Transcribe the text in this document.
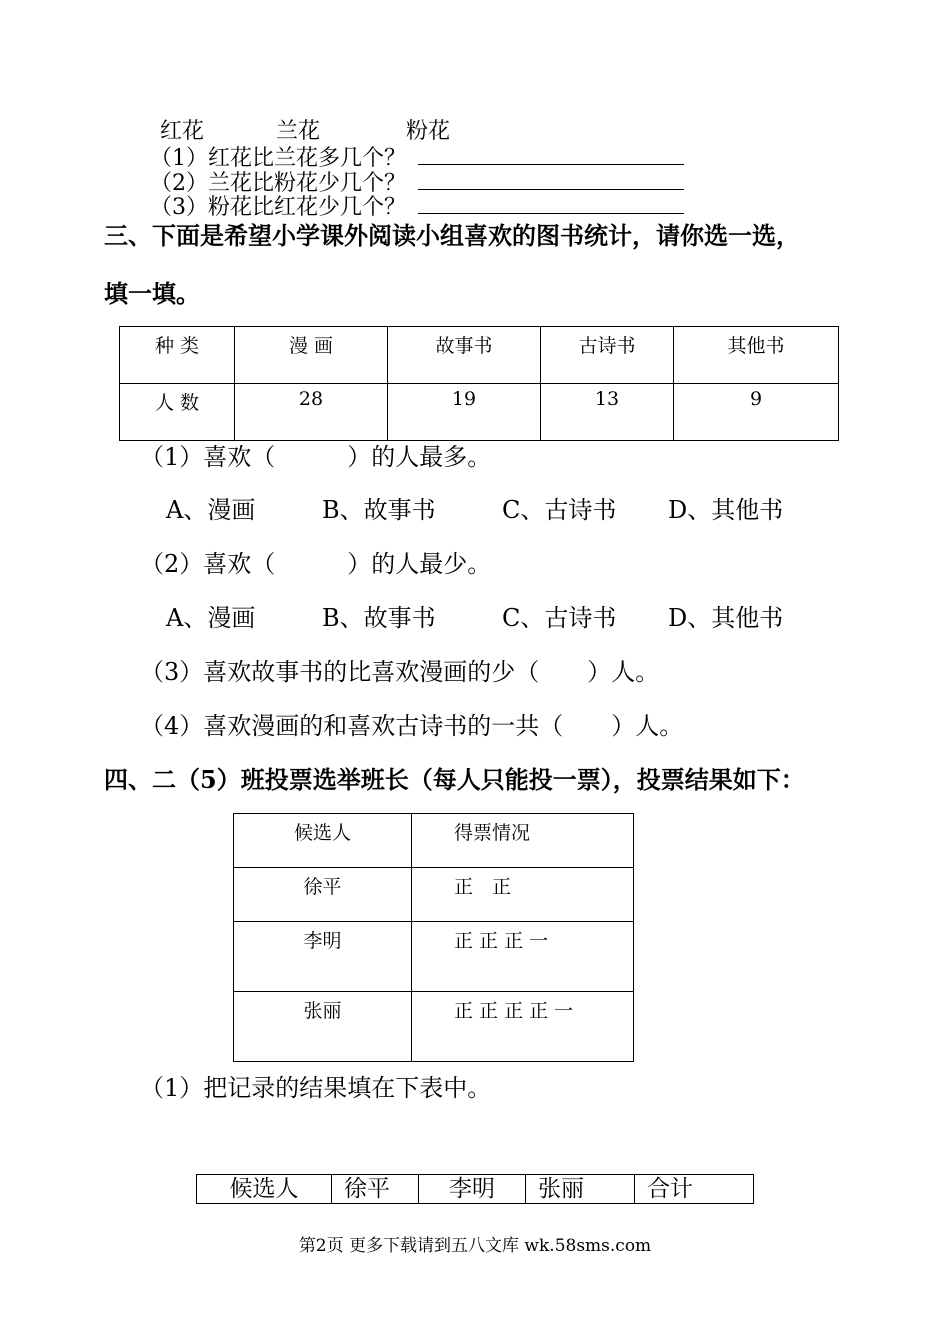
红花	兰花	粉花
（1）红花比兰花多几个？
（2）兰花比粉花少几个？
（3）粉花比红花少几个？
三、下面是希望小学课外阅读小组喜欢的图书统计，请你选一选，
填一填。
种 类	漫 画	故事书	古诗书	其他书
人 数	28	19	13	9
（1）喜欢（　　　）的人最多。
A、漫画	B、故事书	C、古诗书 D、其他书
（2）喜欢（　　　）的人最少。
A、漫画	B、故事书	C、古诗书 D、其他书
（3）喜欢故事书的比喜欢漫画的少（　　）人。
（4）喜欢漫画的和喜欢古诗书的一共（　　）人。
四、二（5）班投票选举班长（每人只能投一票），投票结果如下：
候选人	得票情况
徐平	正　正
李明	正 正 正 一
张丽	正 正 正 正 一
（1）把记录的结果填在下表中。
候选人	徐平	李明	张丽	合计
第2页 更多下载请到五八文库 wk.58sms.com
